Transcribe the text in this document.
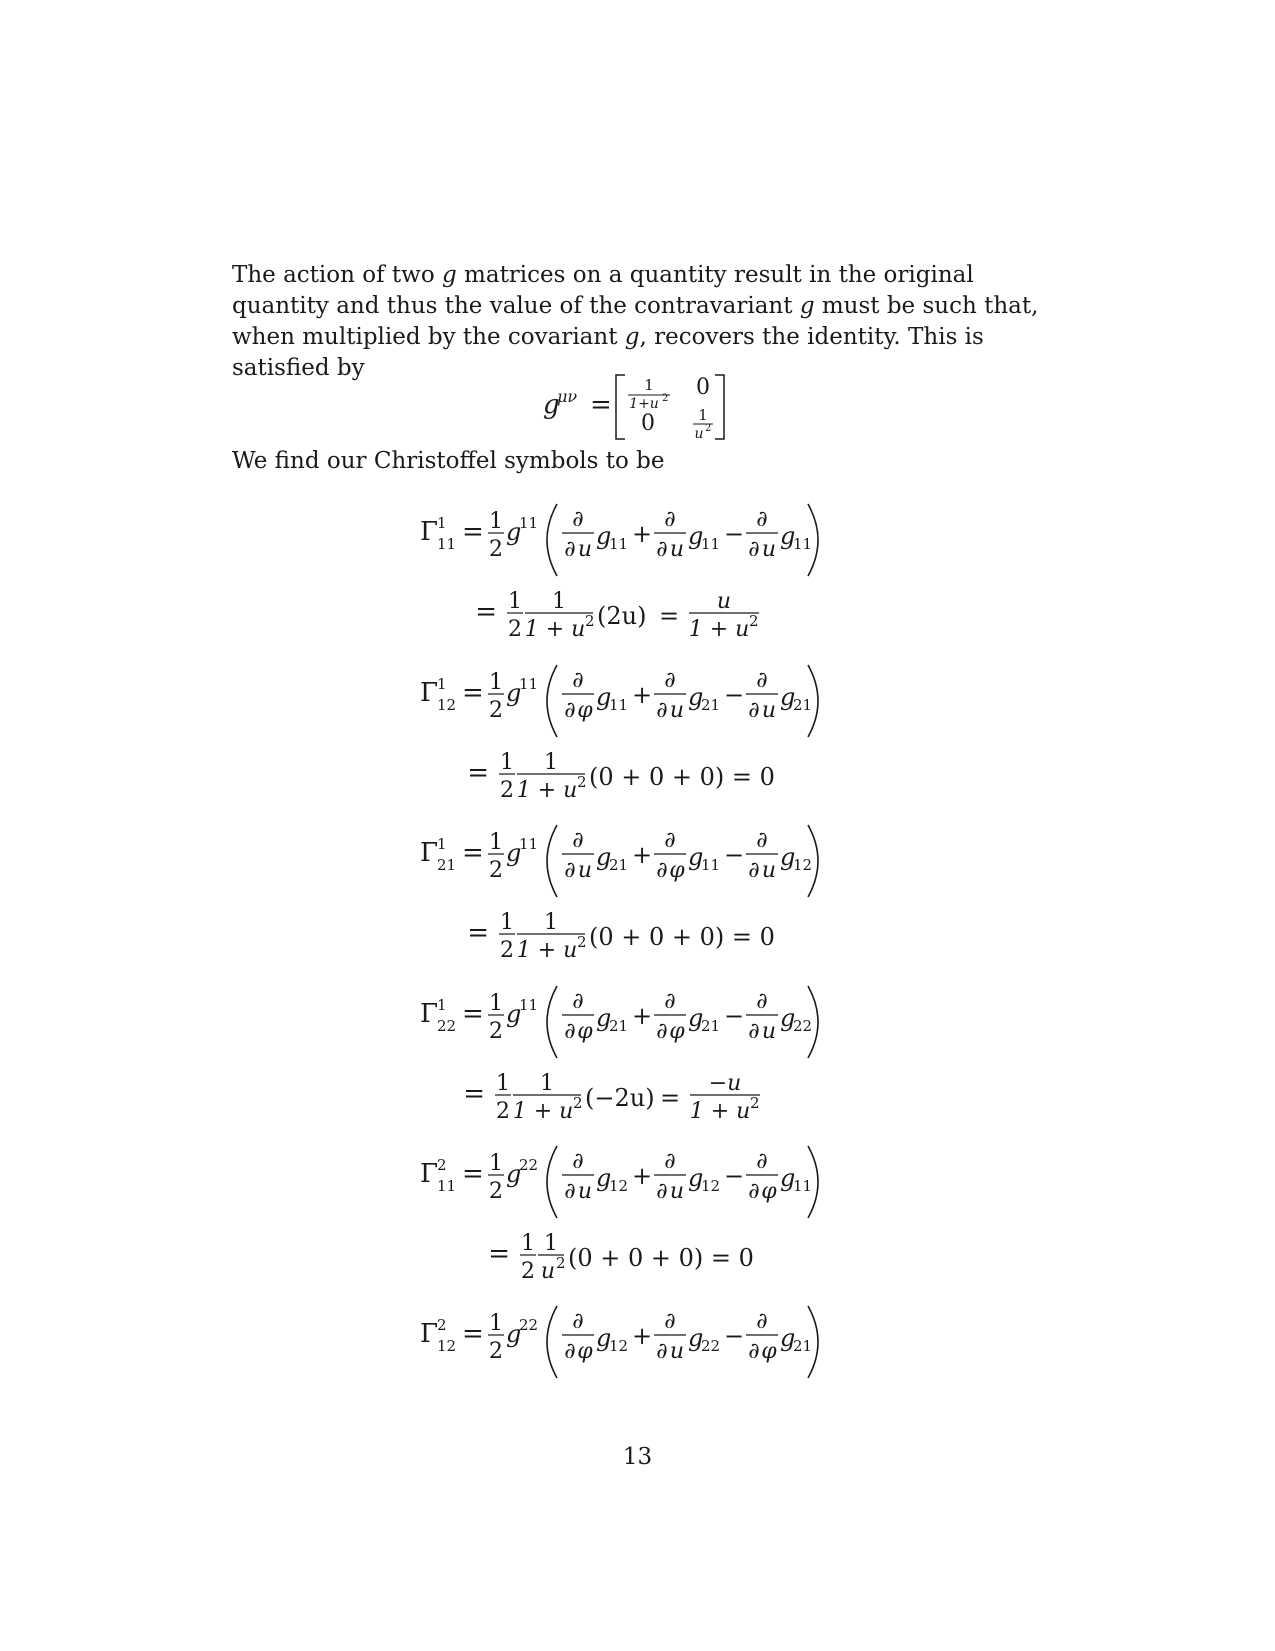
The action of two g matrices on a quantity result in the original quantity and thus the value of the contravariant g must be such that, when multiplied by the covariant g, recovers the identity. This is satisfied by

g
μν =
1
1+u 2 0
0	1
u 2

We find our Christoffel symbols to be

Γ
1
11 = 1
2
g
11 ∂
∂ u g
11 +
∂
∂ u g
11 −
∂
∂ u g
11
= 1
2
1
1 + u 2 (2u) =
u
1 + u 2
Γ
1
12 = 1
2
g
11 ∂
∂ φ g
11 +
∂
∂ u g
21 −
∂
∂ u g
21
= 1
2
1
1 + u 2 (0 + 0 + 0) = 0
Γ
1
21 = 1
2
g
11 ∂
∂ u g
21 +
∂
∂ φ g
11 −
∂
∂ u g
12
= 1
2
1
1 + u 2 (0 + 0 + 0) = 0
Γ
1
22 = 1
2
g
11 ∂
∂ φ g
21 +
∂
∂ φ g
21 −
∂
∂ u g
22
= 1
2
1
1 + u 2 (−2u) =
−u
1 + u 2
Γ
2
11 = 1
2
g
22 ∂
∂ u g
12 +
∂
∂ u g
12 −
∂
∂ φ g
11
= 1
2
1
u 2 (0 + 0 + 0) = 0
Γ
2
12 = 1
2
g
22 ∂
∂ φ g
12 +
∂
∂ u g
22 −
∂
∂ φ g
21
13
